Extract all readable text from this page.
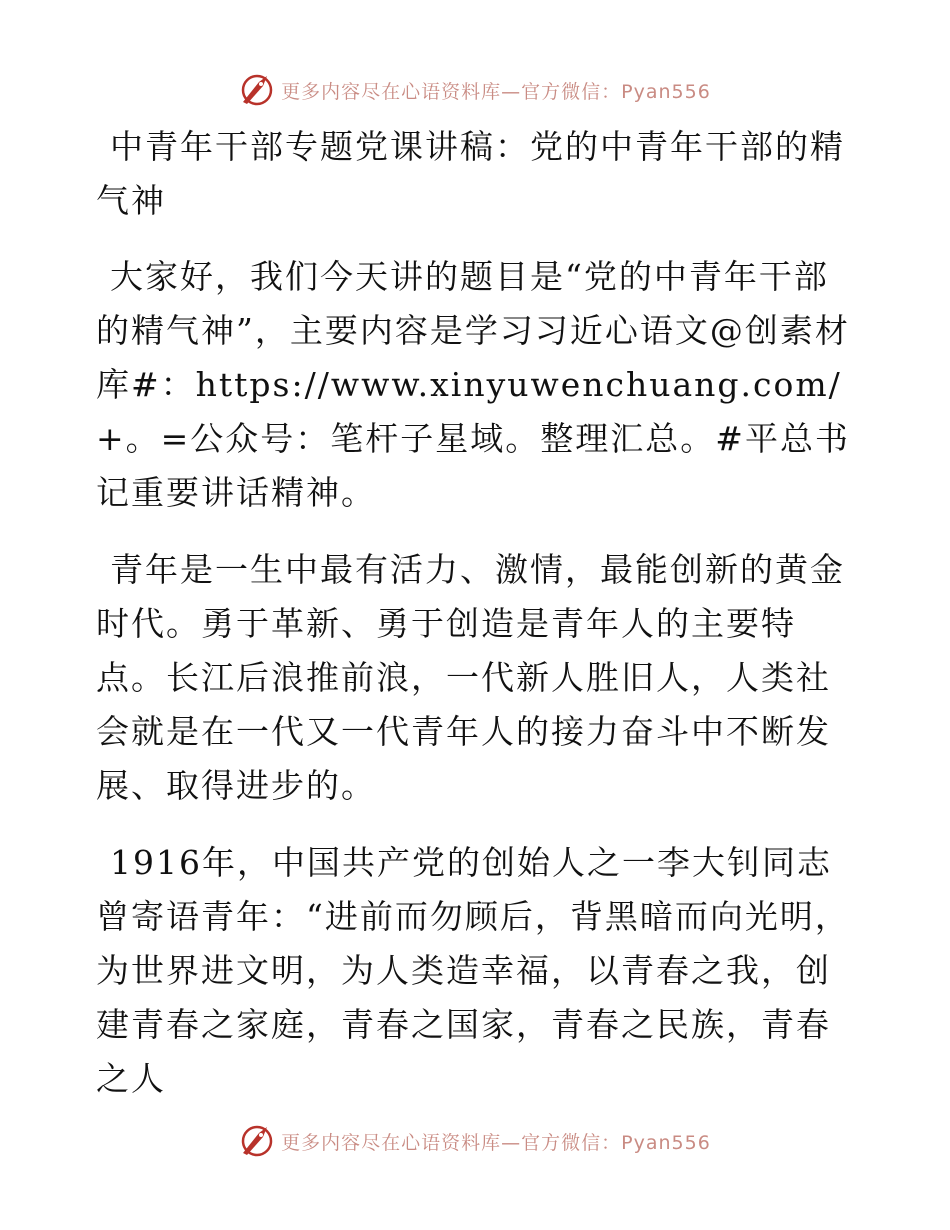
更多内容尽在心语资料库—官方微信：Pyan556

中青年干部专题党课讲稿：党的中青年干部的精气神

大家好，我们今天讲的题目是“党的中青年干部的精气神”，主要内容是学习习近心语文@创素材库#：https://www.xinyuwenchuang.com/+。=公众号：笔杆子星域。整理汇总。#平总书记重要讲话精神。

青年是一生中最有活力、激情，最能创新的黄金时代。勇于革新、勇于创造是青年人的主要特点。长江后浪推前浪，一代新人胜旧人，人类社会就是在一代又一代青年人的接力奋斗中不断发展、取得进步的。

1916年，中国共产党的创始人之一李大钊同志曾寄语青年：“进前而勿顾后，背黑暗而向光明，为世界进文明，为人类造幸福，以青春之我，创建青春之家庭，青春之国家，青春之民族，青春之人

更多内容尽在心语资料库—官方微信：Pyan556
